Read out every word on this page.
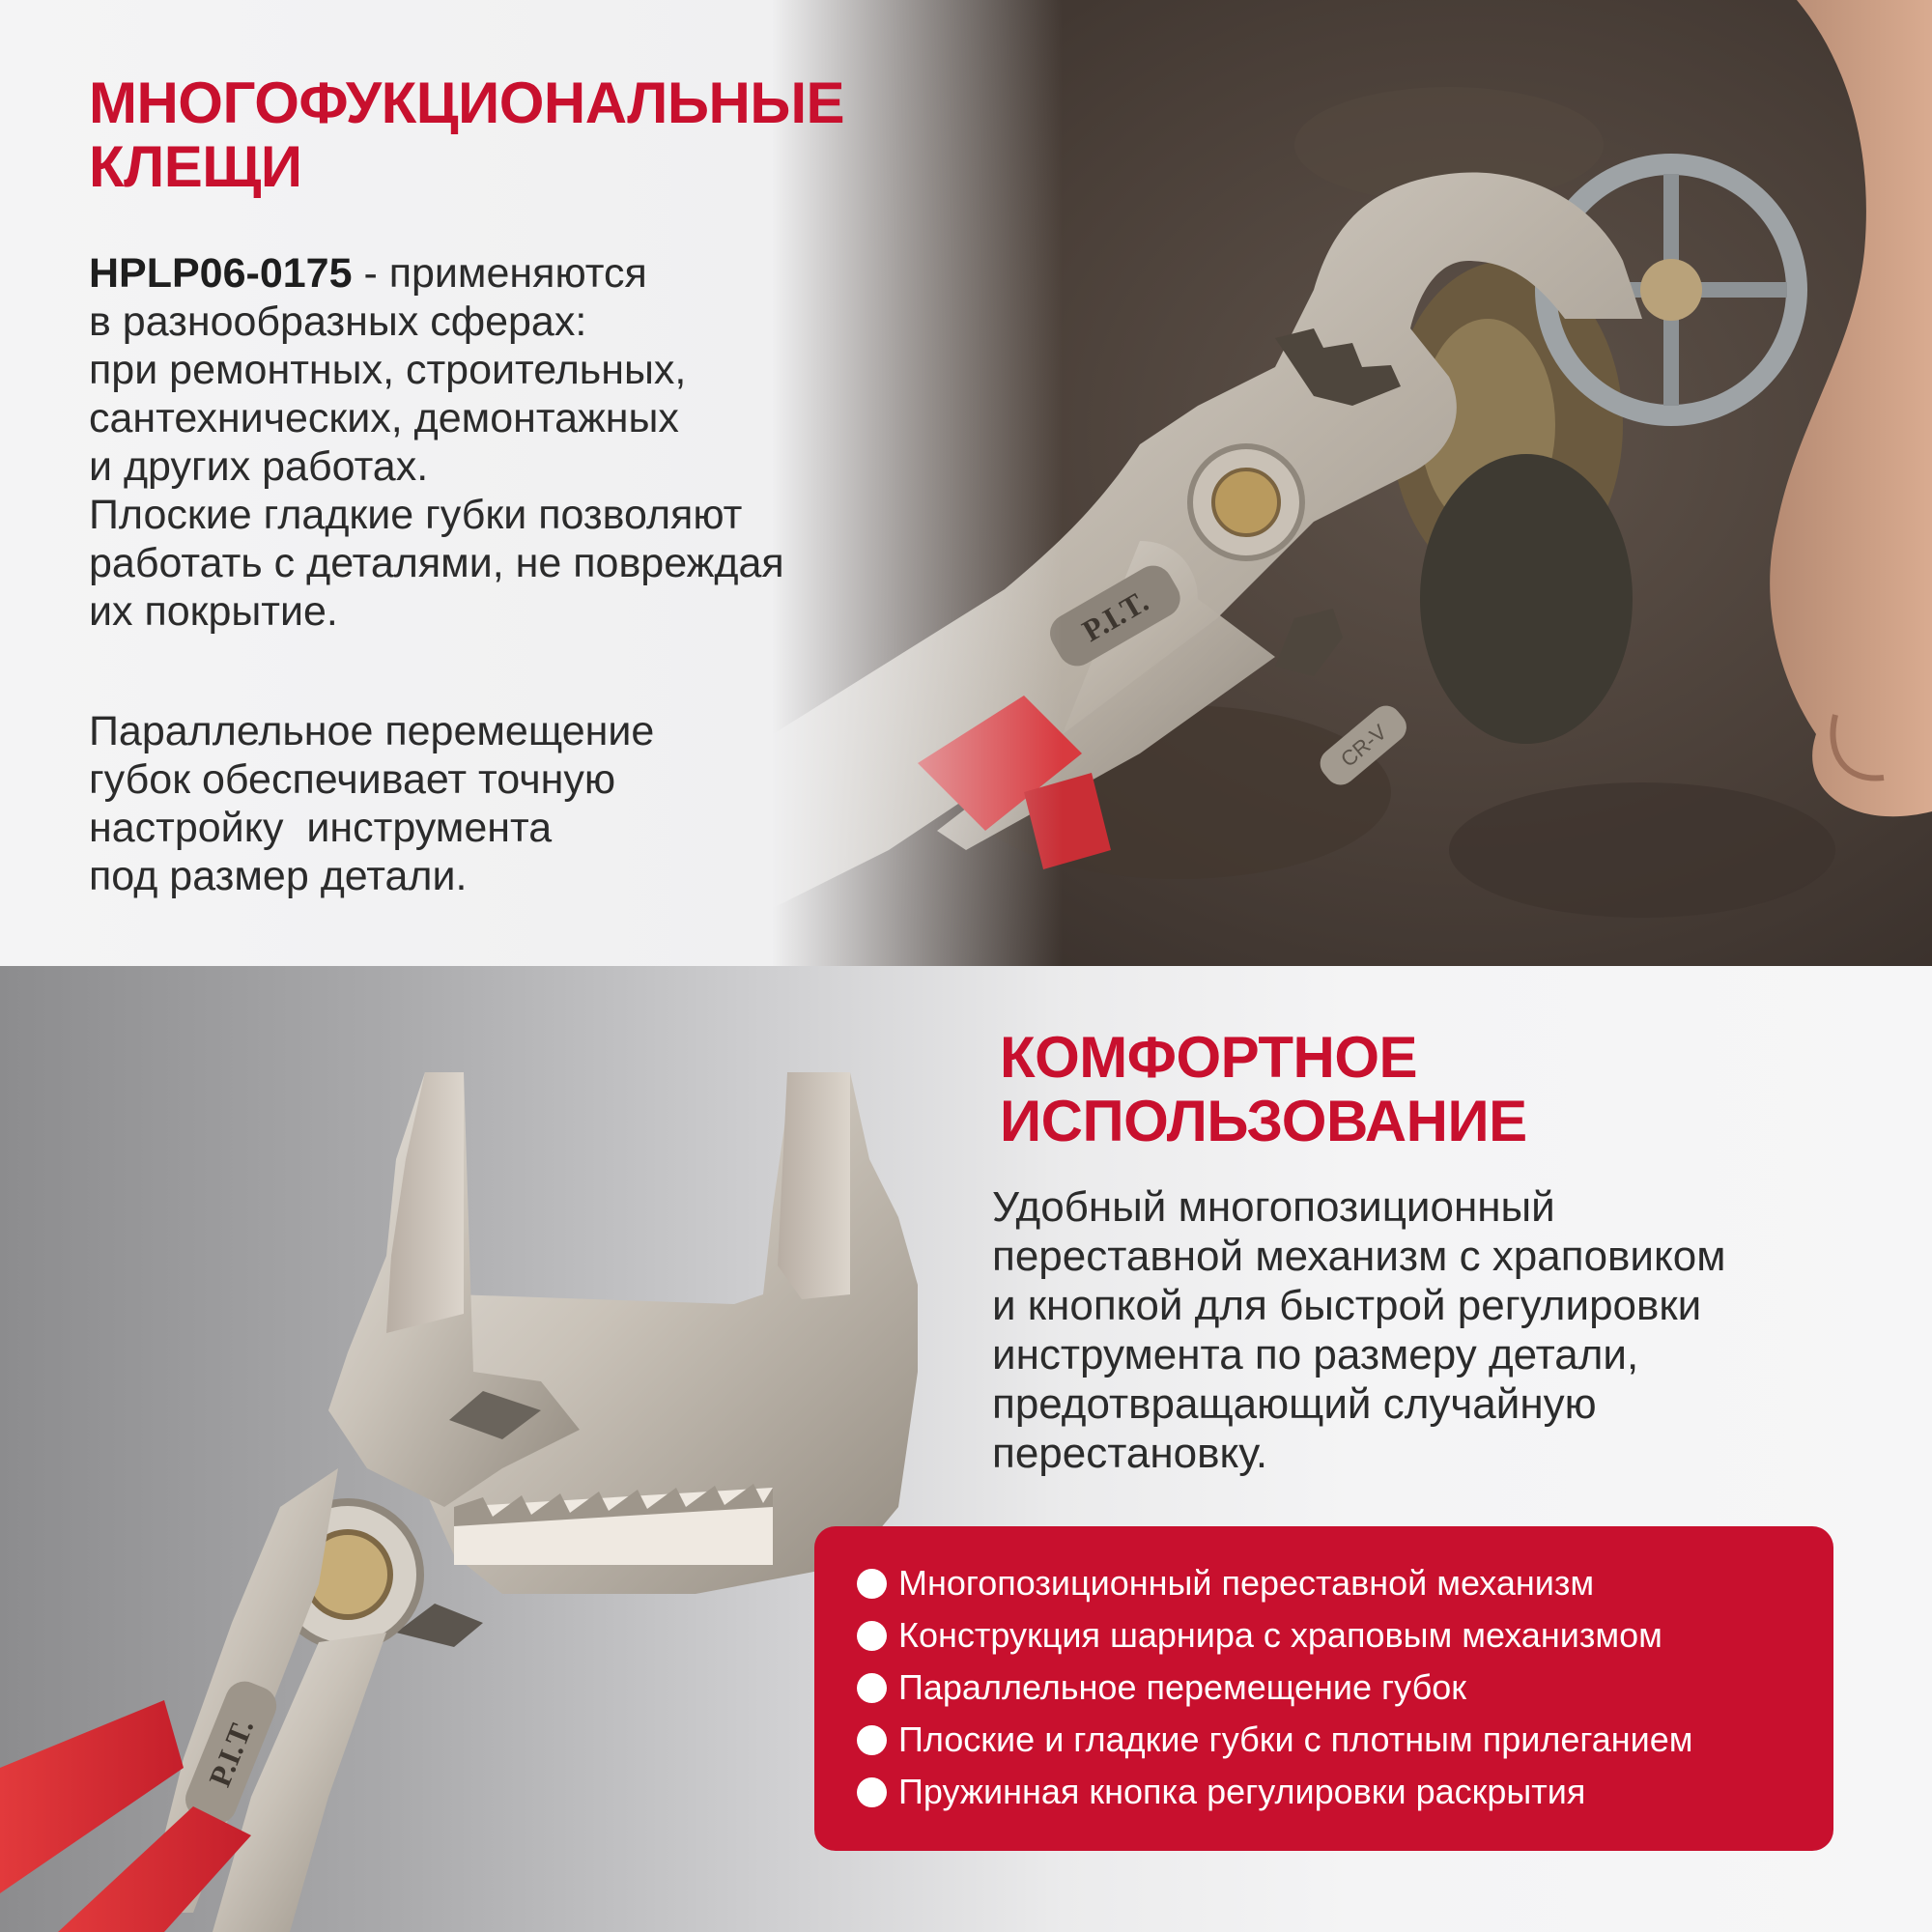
МНОГОФУКЦИОНАЛЬНЫЕ
КЛЕЩИ
HPLP06-0175 - применяются
в разнообразных сферах:
при ремонтных, строительных,
сантехнических, демонтажных
и других работах.
Плоские гладкие губки позволяют
работать с деталями, не повреждая
их покрытие.
Параллельное перемещение
губок обеспечивает точную
настройку  инструмента
под размер детали.
P.I.T.
КОМФОРТНОЕ
ИСПОЛЬЗОВАНИЕ
Удобный многопозиционный
переставной механизм с храповиком
и кнопкой для быстрой регулировки
инструмента по размеру детали,
предотвращающий случайную
перестановку.
Многопозиционный переставной механизм
Конструкция шарнира с храповым механизмом
Параллельное перемещение губок
Плоские и гладкие губки с плотным прилеганием
Пружинная кнопка регулировки раскрытия
